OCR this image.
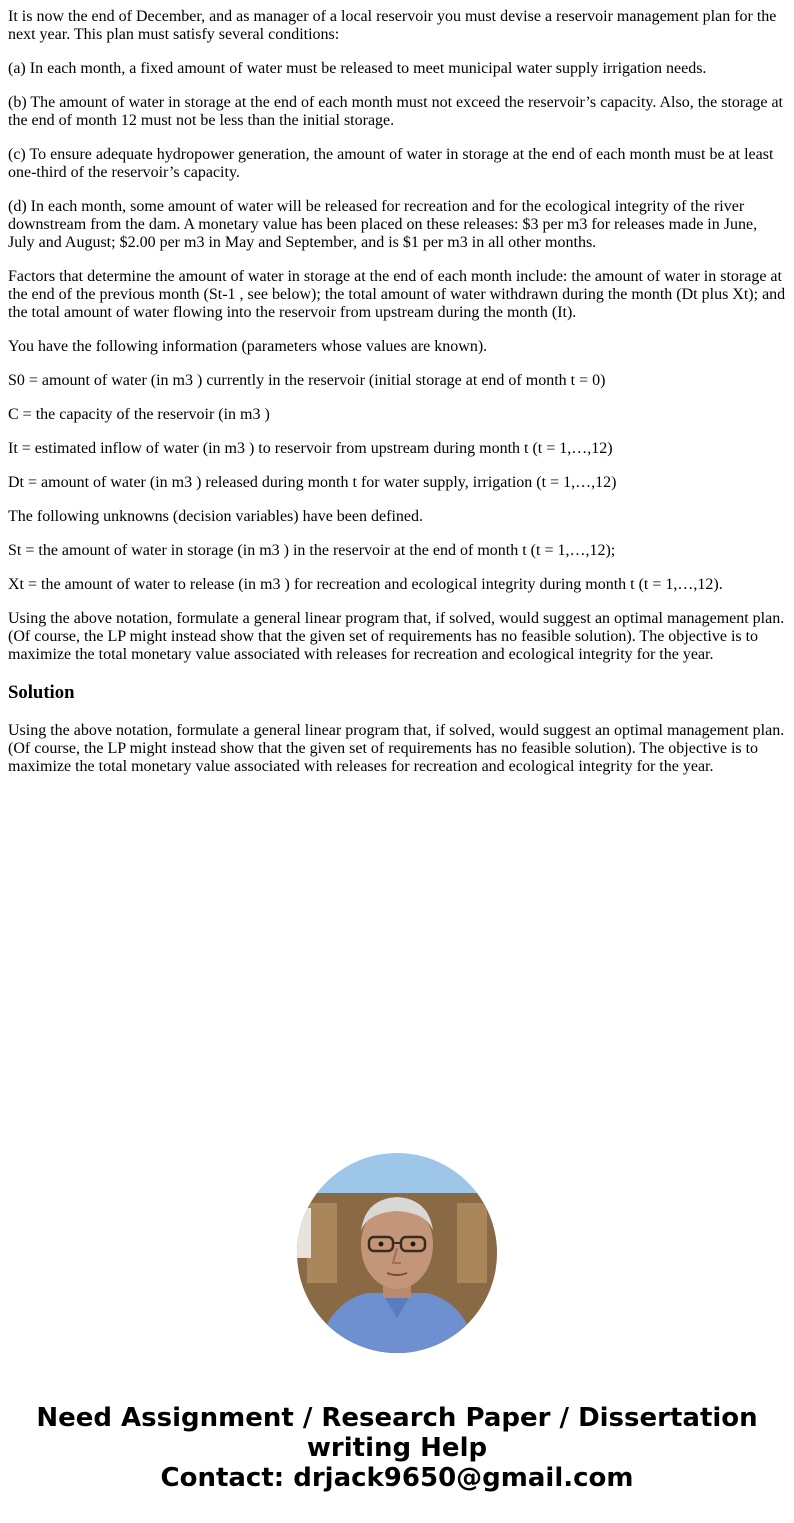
It is now the end of December, and as manager of a local reservoir you must devise a reservoir management plan for the next year. This plan must satisfy several conditions:

(a) In each month, a fixed amount of water must be released to meet municipal water supply irrigation needs.

(b) The amount of water in storage at the end of each month must not exceed the reservoir’s capacity. Also, the storage at the end of month 12 must not be less than the initial storage.

(c) To ensure adequate hydropower generation, the amount of water in storage at the end of each month must be at least one-third of the reservoir’s capacity.

(d) In each month, some amount of water will be released for recreation and for the ecological integrity of the river downstream from the dam. A monetary value has been placed on these releases: $3 per m3 for releases made in June, July and August; $2.00 per m3 in May and September, and is $1 per m3 in all other months.

Factors that determine the amount of water in storage at the end of each month include: the amount of water in storage at the end of the previous month (St-1 , see below); the total amount of water withdrawn during the month (Dt plus Xt); and the total amount of water flowing into the reservoir from upstream during the month (It).

You have the following information (parameters whose values are known).

S0 = amount of water (in m3 ) currently in the reservoir (initial storage at end of month t = 0)

C = the capacity of the reservoir (in m3 )

It = estimated inflow of water (in m3 ) to reservoir from upstream during month t (t = 1,…,12)

Dt = amount of water (in m3 ) released during month t for water supply, irrigation (t = 1,…,12)

The following unknowns (decision variables) have been defined.

St = the amount of water in storage (in m3 ) in the reservoir at the end of month t (t = 1,…,12);

Xt = the amount of water to release (in m3 ) for recreation and ecological integrity during month t (t = 1,…,12).

Using the above notation, formulate a general linear program that, if solved, would suggest an optimal management plan. (Of course, the LP might instead show that the given set of requirements has no feasible solution). The objective is to maximize the total monetary value associated with releases for recreation and ecological integrity for the year.

Solution

Using the above notation, formulate a general linear program that, if solved, would suggest an optimal management plan. (Of course, the LP might instead show that the given set of requirements has no feasible solution). The objective is to maximize the total monetary value associated with releases for recreation and ecological integrity for the year.

Need Assignment / Research Paper / Dissertation
writing Help
Contact: drjack9650@gmail.com
